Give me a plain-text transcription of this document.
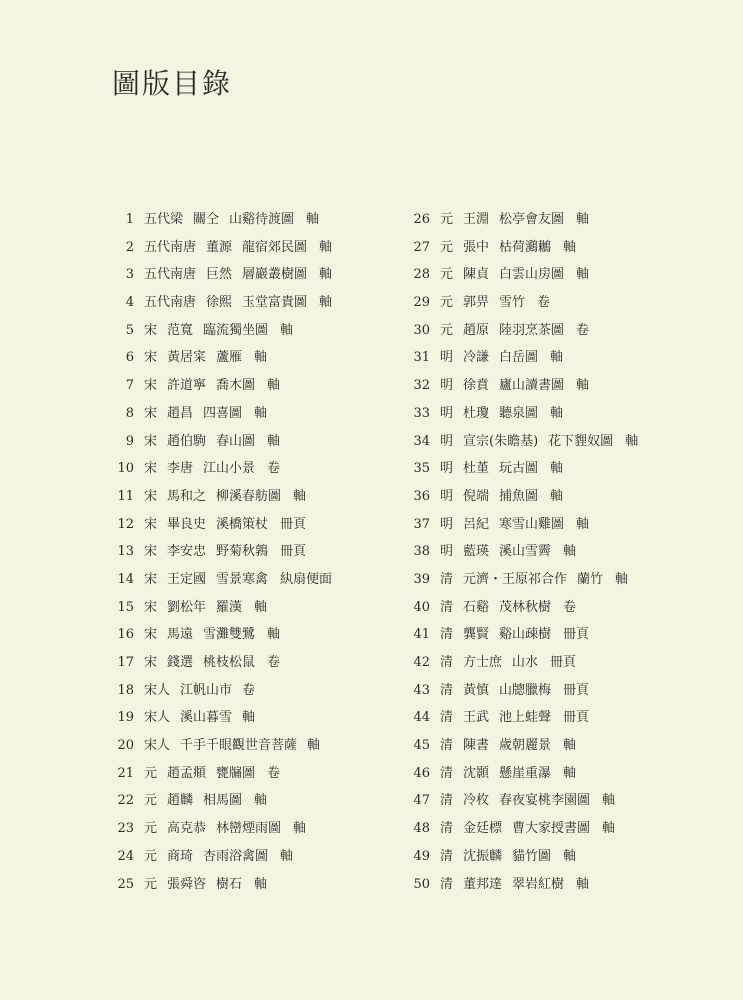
圖版目錄
1 五代梁 關仝 山谿待渡圖 軸
2 五代南唐 董源 龍宿郊民圖 軸
3 五代南唐 巨然 層巖叢樹圖 軸
4 五代南唐 徐熙 玉堂富貴圖 軸
5 宋 范寬 臨流獨坐圖 軸
6 宋 黃居寀 蘆雁 軸
7 宋 許道寧 喬木圖 軸
8 宋 趙昌 四喜圖 軸
9 宋 趙伯駒 春山圖 軸
10 宋 李唐 江山小景 卷
11 宋 馬和之 柳溪春舫圖 軸
12 宋 畢良史 溪橋策杖 冊頁
13 宋 李安忠 野菊秋鶉 冊頁
14 宋 王定國 雪景寒禽 紈扇便面
15 宋 劉松年 羅漢 軸
16 宋 馬遠 雪灘雙鷺 軸
17 宋 錢選 桃枝松鼠 卷
18 宋人 江帆山市 卷
19 宋人 溪山暮雪 軸
20 宋人 千手千眼觀世音菩薩 軸
21 元 趙孟頫 甕牖圖 卷
22 元 趙麟 相馬圖 軸
23 元 高克恭 林巒煙雨圖 軸
24 元 商琦 杏雨浴禽圖 軸
25 元 張舜咨 樹石 軸
26 元 王淵 松亭會友圖 軸
27 元 張中 枯荷鸂鶒 軸
28 元 陳貞 白雲山房圖 軸
29 元 郭畀 雪竹 卷
30 元 趙原 陸羽烹茶圖 卷
31 明 冷謙 白岳圖 軸
32 明 徐賁 廬山讀書圖 軸
33 明 杜瓊 聽泉圖 軸
34 明 宣宗(朱瞻基) 花下貍奴圖 軸
35 明 杜堇 玩古圖 軸
36 明 倪端 捕魚圖 軸
37 明 呂紀 寒雪山雞圖 軸
38 明 藍瑛 溪山雪霽 軸
39 清 元濟・王原祁合作 蘭竹 軸
40 清 石谿 茂林秋樹 卷
41 清 龔賢 谿山疎樹 冊頁
42 清 方士庶 山水 冊頁
43 清 黃慎 山牕臘梅 冊頁
44 清 王武 池上蛙聲 冊頁
45 清 陳書 歲朝麗景 軸
46 清 沈顥 懸崖重瀑 軸
47 清 冷枚 春夜宴桃李園圖 軸
48 清 金廷標 曹大家授書圖 軸
49 清 沈振麟 貓竹圖 軸
50 清 董邦達 翠岩紅樹 軸
